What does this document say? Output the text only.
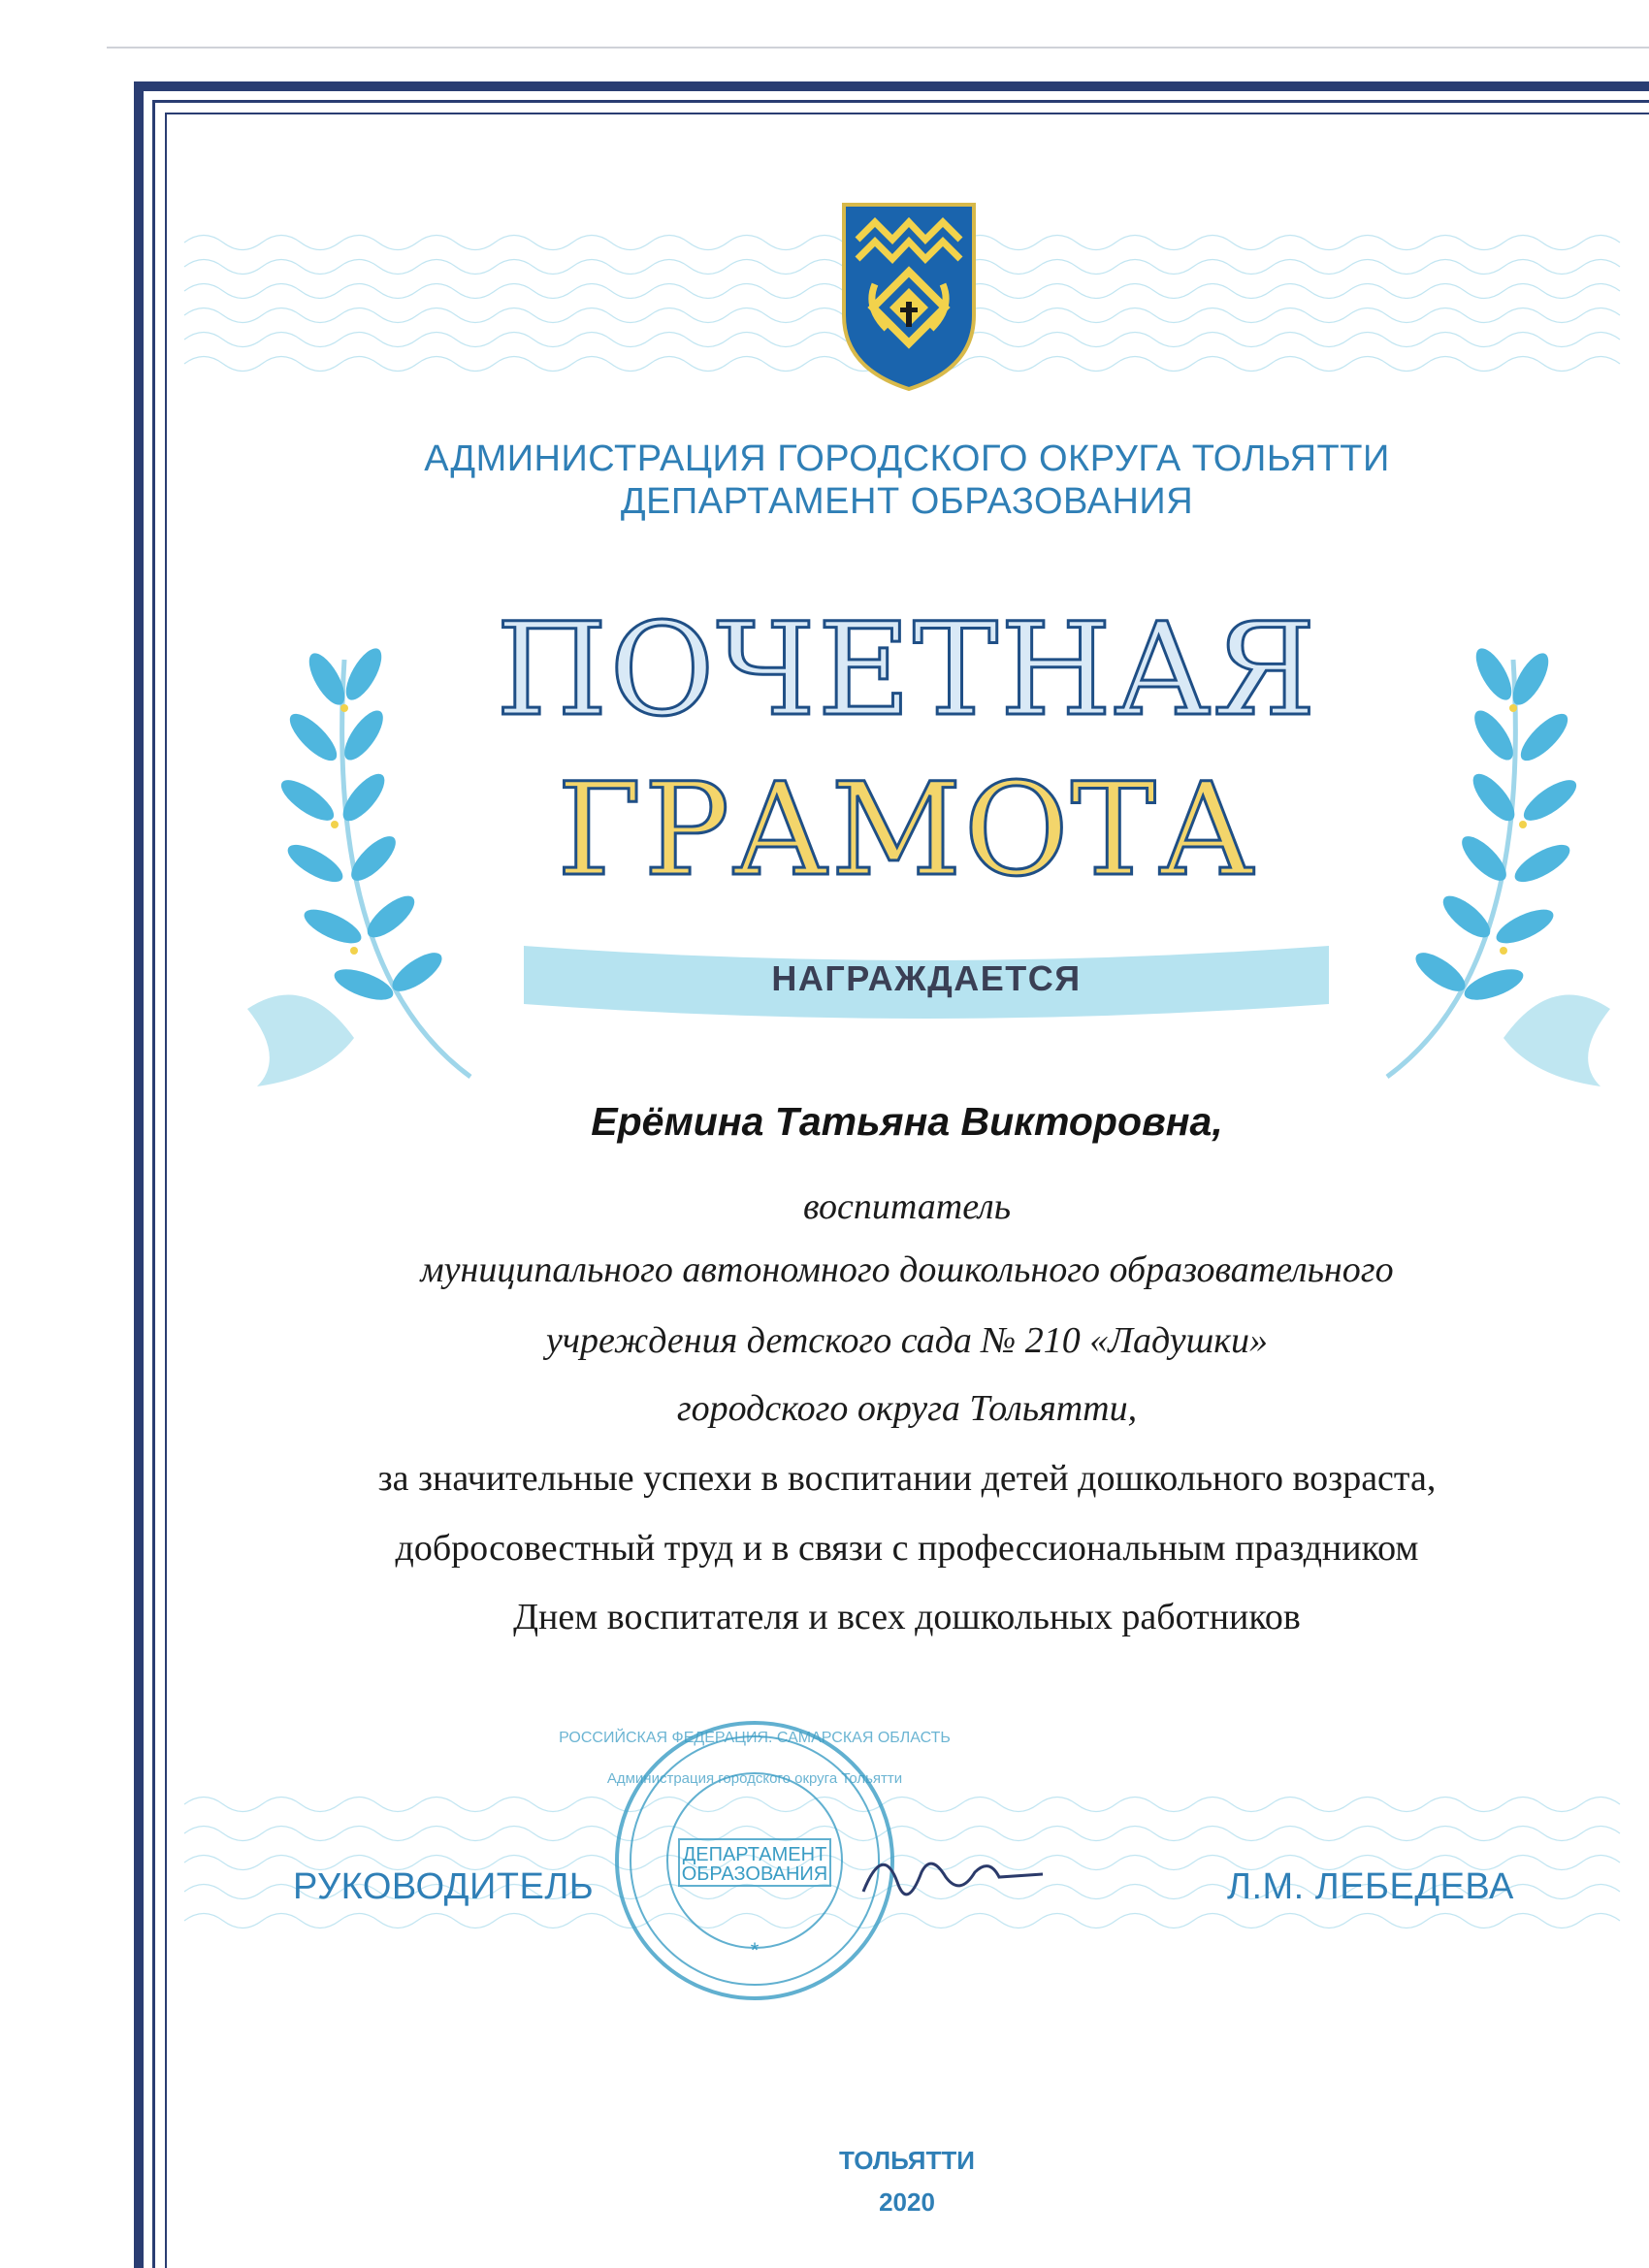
АДМИНИСТРАЦИЯ ГОРОДСКОГО ОКРУГА ТОЛЬЯТТИ
ДЕПАРТАМЕНТ ОБРАЗОВАНИЯ
ПОЧЕТНАЯ
ГРАМОТА
НАГРАЖДАЕТСЯ
Ерёмина Татьяна Викторовна,
воспитатель
муниципального автономного дошкольного образовательного
учреждения детского сада № 210 «Ладушки»
городского округа Тольятти,
за значительные успехи в воспитании детей дошкольного возраста,
добросовестный труд и в связи с профессиональным праздником
Днем воспитателя и всех дошкольных работников
РУКОВОДИТЕЛЬ	Л.М. ЛЕБЕДЕВА
ДЕПАРТАМЕНТ
ОБРАЗОВАНИЯ
РОССИЙСКАЯ ФЕДЕРАЦИЯ. САМАРСКАЯ ОБЛАСТЬ
Администрация городского округа Тольятти
*
ТОЛЬЯТТИ
2020
